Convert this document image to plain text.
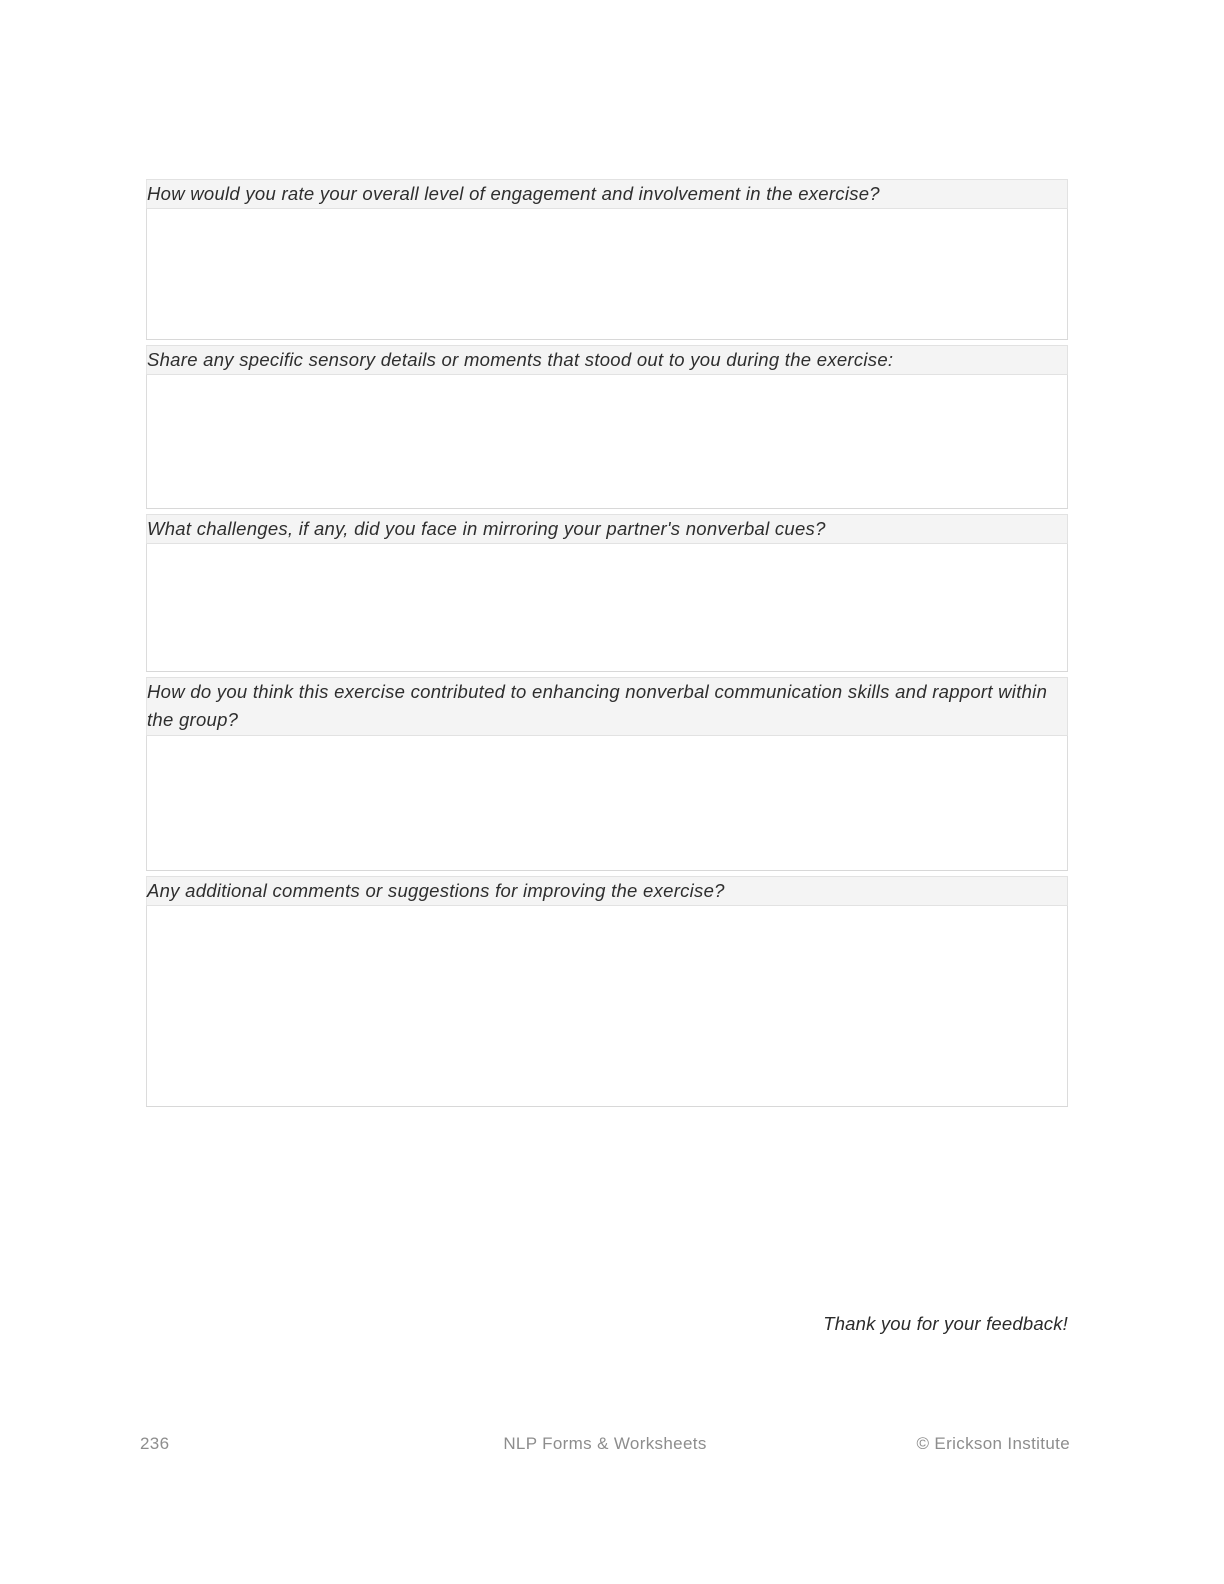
How would you rate your overall level of engagement and involvement in the exercise?

Share any specific sensory details or moments that stood out to you during the exercise:

What challenges, if any, did you face in mirroring your partner's nonverbal cues?

How do you think this exercise contributed to enhancing nonverbal communication skills and rapport within the group?

Any additional comments or suggestions for improving the exercise?

Thank you for your feedback!
236	NLP Forms & Worksheets	© Erickson Institute
